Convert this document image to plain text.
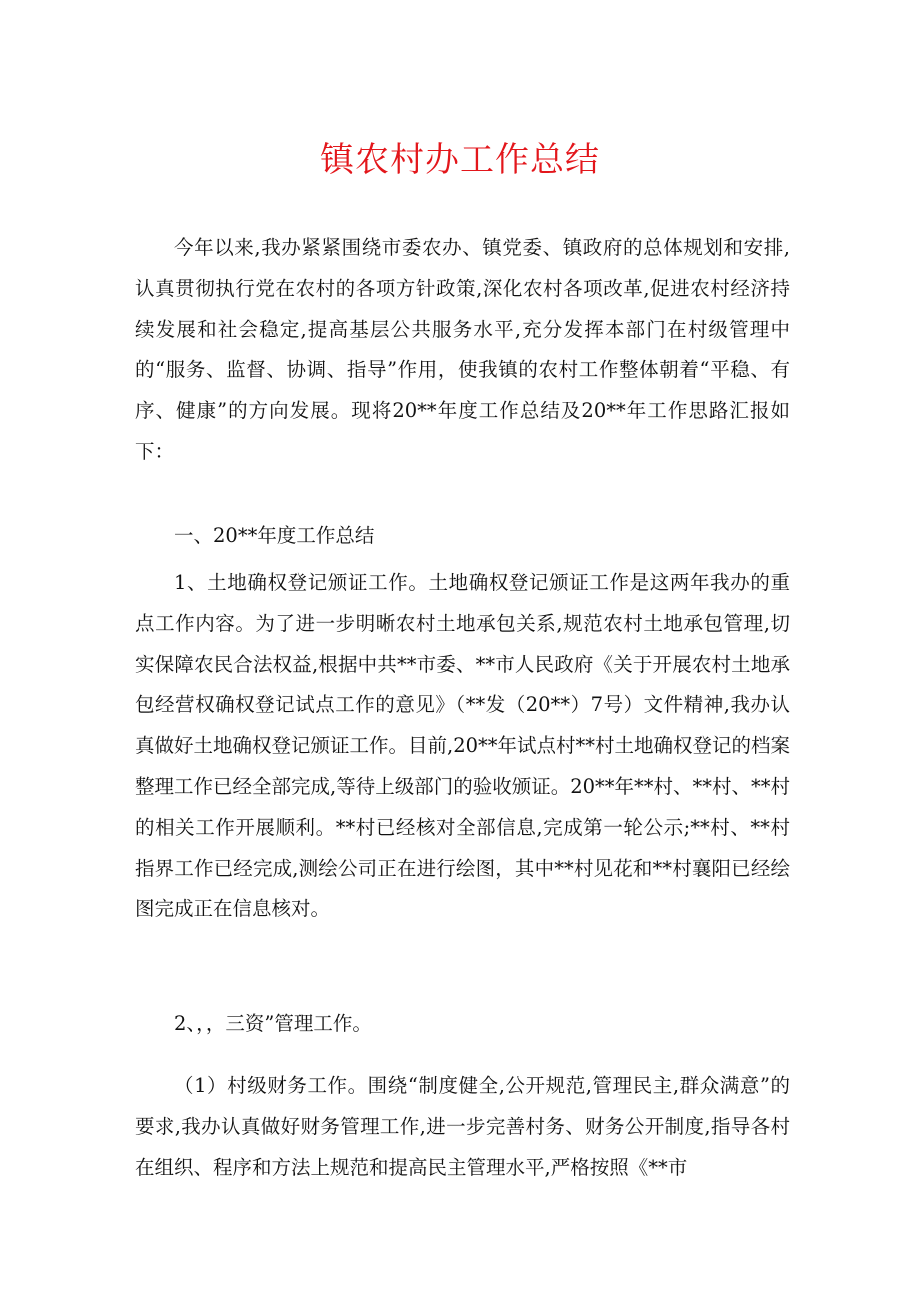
镇农村办工作总结
今年以来,我办紧紧围绕市委农办、镇党委、镇政府的总体规划和安排,认真贯彻执行党在农村的各项方针政策,深化农村各项改革,促进农村经济持续发展和社会稳定,提高基层公共服务水平,充分发挥本部门在村级管理中的“服务、监督、协调、指导”作用，使我镇的农村工作整体朝着“平稳、有序、健康”的方向发展。现将20**年度工作总结及20**年工作思路汇报如下：
一、20**年度工作总结
1、土地确权登记颁证工作。土地确权登记颁证工作是这两年我办的重点工作内容。为了进一步明晰农村土地承包关系,规范农村土地承包管理,切实保障农民合法权益,根据中共**市委、**市人民政府《关于开展农村土地承包经营权确权登记试点工作的意见》（**发（20**）7号）文件精神,我办认真做好土地确权登记颁证工作。目前,20**年试点村**村土地确权登记的档案整理工作已经全部完成,等待上级部门的验收颁证。20**年**村、**村、**村的相关工作开展顺利。**村已经核对全部信息,完成第一轮公示;**村、**村指界工作已经完成,测绘公司正在进行绘图，其中**村见花和**村襄阳已经绘图完成正在信息核对。
2、，，三资”管理工作。
（1）村级财务工作。围绕“制度健全,公开规范,管理民主,群众满意”的要求,我办认真做好财务管理工作,进一步完善村务、财务公开制度,指导各村在组织、程序和方法上规范和提高民主管理水平,严格按照《**市
